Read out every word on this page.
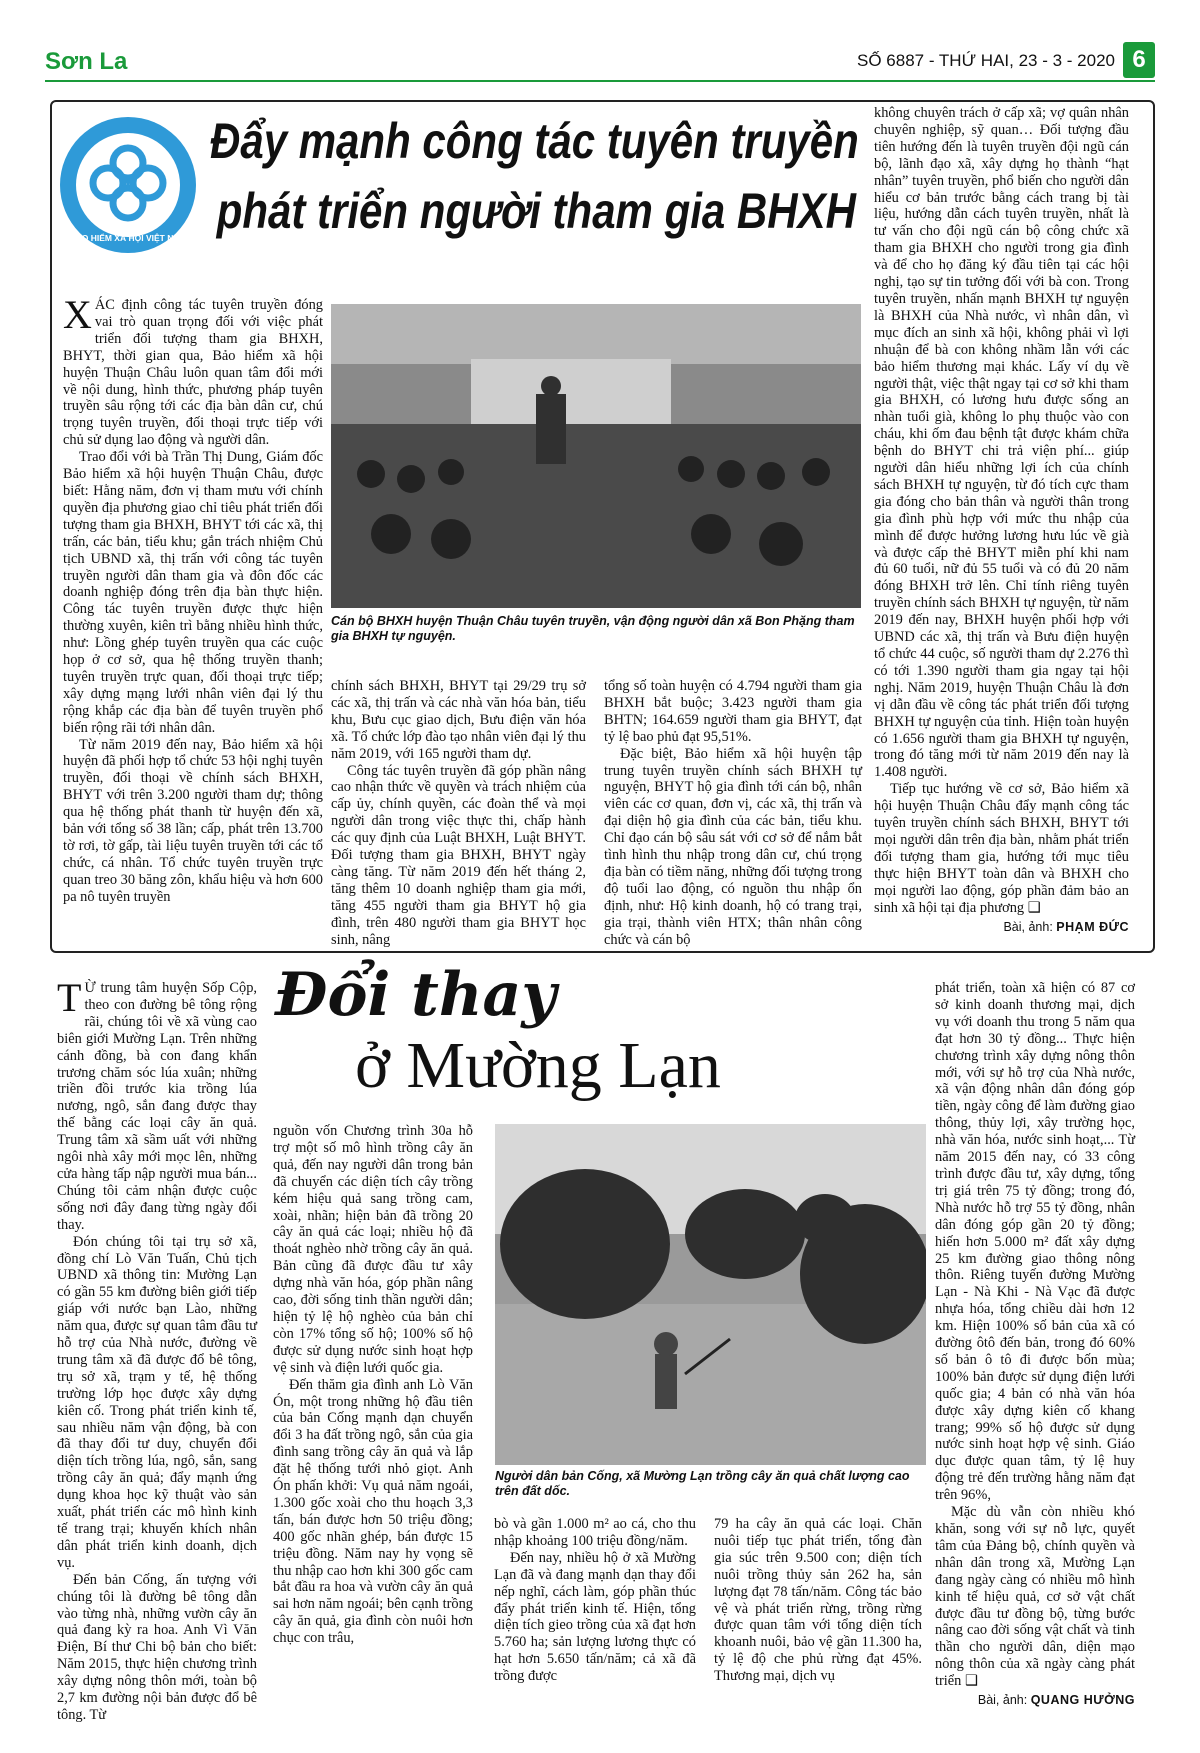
Sơn La	SỐ 6887 - THỨ HAI, 23 - 3 - 2020 6
Y
BẢO HIỂM XÃ HỘI VIỆT NAM
Đẩy mạnh công tác tuyên truyền
phát triển người tham gia BHXH

XÁC định công tác tuyên truyền đóng vai trò quan trọng đối với việc phát triển đối tượng tham gia BHXH, BHYT, thời gian qua, Bảo hiểm xã hội huyện Thuận Châu luôn quan tâm đổi mới về nội dung, hình thức, phương pháp tuyên truyền sâu rộng tới các địa bàn dân cư, chú trọng tuyên truyền, đối thoại trực tiếp với chủ sử dụng lao động và người dân.

Trao đổi với bà Trần Thị Dung, Giám đốc Bảo hiểm xã hội huyện Thuận Châu, được biết: Hằng năm, đơn vị tham mưu với chính quyền địa phương giao chỉ tiêu phát triển đối tượng tham gia BHXH, BHYT tới các xã, thị trấn, các bản, tiểu khu; gắn trách nhiệm Chủ tịch UBND xã, thị trấn với công tác tuyên truyền người dân tham gia và đôn đốc các doanh nghiệp đóng trên địa bàn thực hiện. Công tác tuyên truyền được thực hiện thường xuyên, kiên trì bằng nhiều hình thức, như: Lồng ghép tuyên truyền qua các cuộc họp ở cơ sở, qua hệ thống truyền thanh; tuyên truyền trực quan, đối thoại trực tiếp; xây dựng mạng lưới nhân viên đại lý thu rộng khắp các địa bàn để tuyên truyền phổ biến rộng rãi tới nhân dân.

Từ năm 2019 đến nay, Bảo hiểm xã hội huyện đã phối hợp tổ chức 53 hội nghị tuyên truyền, đối thoại về chính sách BHXH, BHYT với trên 3.200 người tham dự; thông qua hệ thống phát thanh từ huyện đến xã, bản với tổng số 38 lần; cấp, phát trên 13.700 tờ rơi, tờ gấp, tài liệu tuyên truyền tới các tổ chức, cá nhân. Tổ chức tuyên truyền trực quan treo 30 băng zôn, khẩu hiệu và hơn 600 pa nô tuyên truyền

Cán bộ BHXH huyện Thuận Châu tuyên truyền, vận động người dân xã Bon Phặng tham gia BHXH tự nguyện.

chính sách BHXH, BHYT tại 29/29 trụ sở các xã, thị trấn và các nhà văn hóa bản, tiểu khu, Bưu cục giao dịch, Bưu điện văn hóa xã. Tổ chức lớp đào tạo nhân viên đại lý thu năm 2019, với 165 người tham dự.

Công tác tuyên truyền đã góp phần nâng cao nhận thức về quyền và trách nhiệm của cấp ủy, chính quyền, các đoàn thể và mọi người dân trong việc thực thi, chấp hành các quy định của Luật BHXH, Luật BHYT. Đối tượng tham gia BHXH, BHYT ngày càng tăng. Từ năm 2019 đến hết tháng 2, tăng thêm 10 doanh nghiệp tham gia mới, tăng 455 người tham gia BHYT hộ gia đình, trên 480 người tham gia BHYT học sinh, nâng

tổng số toàn huyện có 4.794 người tham gia BHXH bắt buộc; 3.423 người tham gia BHTN; 164.659 người tham gia BHYT, đạt tỷ lệ bao phủ đạt 95,51%.

Đặc biệt, Bảo hiểm xã hội huyện tập trung tuyên truyền chính sách BHXH tự nguyện, BHYT hộ gia đình tới cán bộ, nhân viên các cơ quan, đơn vị, các xã, thị trấn và đại diện hộ gia đình của các bản, tiểu khu. Chỉ đạo cán bộ sâu sát với cơ sở để nắm bắt tình hình thu nhập trong dân cư, chú trọng địa bàn có tiềm năng, những đối tượng trong độ tuổi lao động, có nguồn thu nhập ổn định, như: Hộ kinh doanh, hộ có trang trại, gia trại, thành viên HTX; thân nhân công chức và cán bộ

không chuyên trách ở cấp xã; vợ quân nhân chuyên nghiệp, sỹ quan… Đối tượng đầu tiên hướng đến là tuyên truyền đội ngũ cán bộ, lãnh đạo xã, xây dựng họ thành “hạt nhân” tuyên truyền, phổ biến cho người dân hiểu cơ bản trước bằng cách trang bị tài liệu, hướng dẫn cách tuyên truyền, nhất là tư vấn cho đội ngũ cán bộ công chức xã tham gia BHXH cho người trong gia đình và để cho họ đăng ký đầu tiên tại các hội nghị, tạo sự tin tưởng đối với bà con. Trong tuyên truyền, nhấn mạnh BHXH tự nguyện là BHXH của Nhà nước, vì nhân dân, vì mục đích an sinh xã hội, không phải vì lợi nhuận để bà con không nhầm lẫn với các bảo hiểm thương mại khác. Lấy ví dụ về người thật, việc thật ngay tại cơ sở khi tham gia BHXH, có lương hưu được sống an nhàn tuổi già, không lo phụ thuộc vào con cháu, khi ốm đau bệnh tật được khám chữa bệnh do BHYT chi trả viện phí... giúp người dân hiểu những lợi ích của chính sách BHXH tự nguyện, từ đó tích cực tham gia đóng cho bản thân và người thân trong gia đình phù hợp với mức thu nhập của mình để được hưởng lương hưu lúc về già và được cấp thẻ BHYT miễn phí khi nam đủ 60 tuổi, nữ đủ 55 tuổi và có đủ 20 năm đóng BHXH trở lên. Chỉ tính riêng tuyên truyền chính sách BHXH tự nguyện, từ năm 2019 đến nay, BHXH huyện phối hợp với UBND các xã, thị trấn và Bưu điện huyện tổ chức 44 cuộc, số người tham dự 2.276 thì có tới 1.390 người tham gia ngay tại hội nghị. Năm 2019, huyện Thuận Châu là đơn vị dẫn đầu về công tác phát triển đối tượng BHXH tự nguyện của tỉnh. Hiện toàn huyện có 1.656 người tham gia BHXH tự nguyện, trong đó tăng mới từ năm 2019 đến nay là 1.408 người.

Tiếp tục hướng về cơ sở, Bảo hiểm xã hội huyện Thuận Châu đẩy mạnh công tác tuyên truyền chính sách BHXH, BHYT tới mọi người dân trên địa bàn, nhằm phát triển đối tượng tham gia, hướng tới mục tiêu thực hiện BHYT toàn dân và BHXH cho mọi người lao động, góp phần đảm bảo an sinh xã hội tại địa phương ❑

Bài, ảnh: PHẠM ĐỨC
Đổi thay
ở Mường Lạn

T Ừ trung tâm huyện Sốp Cộp, theo con đường bê tông rộng rãi, chúng tôi về xã vùng cao biên giới Mường Lạn. Trên những cánh đồng, bà con đang khẩn trương chăm sóc lúa xuân; những triền đồi trước kia trồng lúa nương, ngô, sắn đang được thay thế bằng các loại cây ăn quả. Trung tâm xã sầm uất với những ngôi nhà xây mới mọc lên, những cửa hàng tấp nập người mua bán... Chúng tôi cảm nhận được cuộc sống nơi đây đang từng ngày đổi thay.

Đón chúng tôi tại trụ sở xã, đồng chí Lò Văn Tuấn, Chủ tịch UBND xã thông tin: Mường Lạn có gần 55 km đường biên giới tiếp giáp với nước bạn Lào, những năm qua, được sự quan tâm đầu tư hỗ trợ của Nhà nước, đường về trung tâm xã đã được đổ bê tông, trụ sở xã, trạm y tế, hệ thống trường lớp học được xây dựng kiên cố. Trong phát triển kinh tế, sau nhiều năm vận động, bà con đã thay đổi tư duy, chuyển đổi diện tích trồng lúa, ngô, sắn, sang trồng cây ăn quả; đẩy mạnh ứng dụng khoa học kỹ thuật vào sản xuất, phát triển các mô hình kinh tế trang trại; khuyến khích nhân dân phát triển kinh doanh, dịch vụ.

Đến bản Cống, ấn tượng với chúng tôi là đường bê tông dẫn vào từng nhà, những vườn cây ăn quả đang kỳ ra hoa. Anh Vì Văn Điện, Bí thư Chi bộ bản cho biết: Năm 2015, thực hiện chương trình xây dựng nông thôn mới, toàn bộ 2,7 km đường nội bản được đổ bê tông. Từ

nguồn vốn Chương trình 30a hỗ trợ một số mô hình trồng cây ăn quả, đến nay người dân trong bản đã chuyển các diện tích cây trồng kém hiệu quả sang trồng cam, xoài, nhãn; hiện bản đã trồng 20 cây ăn quả các loại; nhiều hộ đã thoát nghèo nhờ trồng cây ăn quả. Bản cũng đã được đầu tư xây dựng nhà văn hóa, góp phần nâng cao, đời sống tinh thần người dân; hiện tỷ lệ hộ nghèo của bản chỉ còn 17% tổng số hộ; 100% số hộ được sử dụng nước sinh hoạt hợp vệ sinh và điện lưới quốc gia.

Đến thăm gia đình anh Lò Văn Ón, một trong những hộ đầu tiên của bản Cống mạnh dạn chuyển đổi 3 ha đất trồng ngô, sắn của gia đình sang trồng cây ăn quả và lắp đặt hệ thống tưới nhỏ giọt. Anh Ón phấn khởi: Vụ quả năm ngoái, 1.300 gốc xoài cho thu hoạch 3,3 tấn, bán được hơn 50 triệu đồng; 400 gốc nhãn ghép, bán được 15 triệu đồng. Năm nay hy vọng sẽ thu nhập cao hơn khi 300 gốc cam bắt đầu ra hoa và vườn cây ăn quả sai hơn năm ngoái; bên cạnh trồng cây ăn quả, gia đình còn nuôi hơn chục con trâu,

Người dân bản Cống, xã Mường Lạn trồng cây ăn quả chất lượng cao trên đất dốc.

bò và gần 1.000 m² ao cá, cho thu nhập khoảng 100 triệu đồng/năm.

Đến nay, nhiều hộ ở xã Mường Lạn đã và đang mạnh dạn thay đổi nếp nghĩ, cách làm, góp phần thúc đẩy phát triển kinh tế. Hiện, tổng diện tích gieo trồng của xã đạt hơn 5.760 ha; sản lượng lương thực có hạt hơn 5.650 tấn/năm; cả xã đã trồng được

79 ha cây ăn quả các loại. Chăn nuôi tiếp tục phát triển, tổng đàn gia súc trên 9.500 con; diện tích nuôi trồng thủy sản 262 ha, sản lượng đạt 78 tấn/năm. Công tác bảo vệ và phát triển rừng, trồng rừng được quan tâm với tổng diện tích khoanh nuôi, bảo vệ gần 11.300 ha, tỷ lệ độ che phủ rừng đạt 45%. Thương mại, dịch vụ

phát triển, toàn xã hiện có 87 cơ sở kinh doanh thương mại, dịch vụ với doanh thu trong 5 năm qua đạt hơn 30 tỷ đồng... Thực hiện chương trình xây dựng nông thôn mới, với sự hỗ trợ của Nhà nước, xã vận động nhân dân đóng góp tiền, ngày công để làm đường giao thông, thủy lợi, xây trường học, nhà văn hóa, nước sinh hoạt,... Từ năm 2015 đến nay, có 33 công trình được đầu tư, xây dựng, tổng trị giá trên 75 tỷ đồng; trong đó, Nhà nước hỗ trợ 55 tỷ đồng, nhân dân đóng góp gần 20 tỷ đồng; hiến hơn 5.000 m² đất xây dựng 25 km đường giao thông nông thôn. Riêng tuyến đường Mường Lạn - Nà Khi - Nà Vạc đã được nhựa hóa, tổng chiều dài hơn 12 km. Hiện 100% số bản của xã có đường ôtô đến bản, trong đó 60% số bản ô tô đi được bốn mùa; 100% bản được sử dụng điện lưới quốc gia; 4 bản có nhà văn hóa được xây dựng kiên cố khang trang; 99% số hộ được sử dụng nước sinh hoạt hợp vệ sinh. Giáo dục được quan tâm, tỷ lệ huy động trẻ đến trường hằng năm đạt trên 96%,

Mặc dù vẫn còn nhiều khó khăn, song với sự nỗ lực, quyết tâm của Đảng bộ, chính quyền và nhân dân trong xã, Mường Lạn đang ngày càng có nhiều mô hình kinh tế hiệu quả, cơ sở vật chất được đầu tư đồng bộ, từng bước nâng cao đời sống vật chất và tinh thần cho người dân, diện mạo nông thôn của xã ngày càng phát triển ❑

Bài, ảnh: QUANG HƯỞNG
